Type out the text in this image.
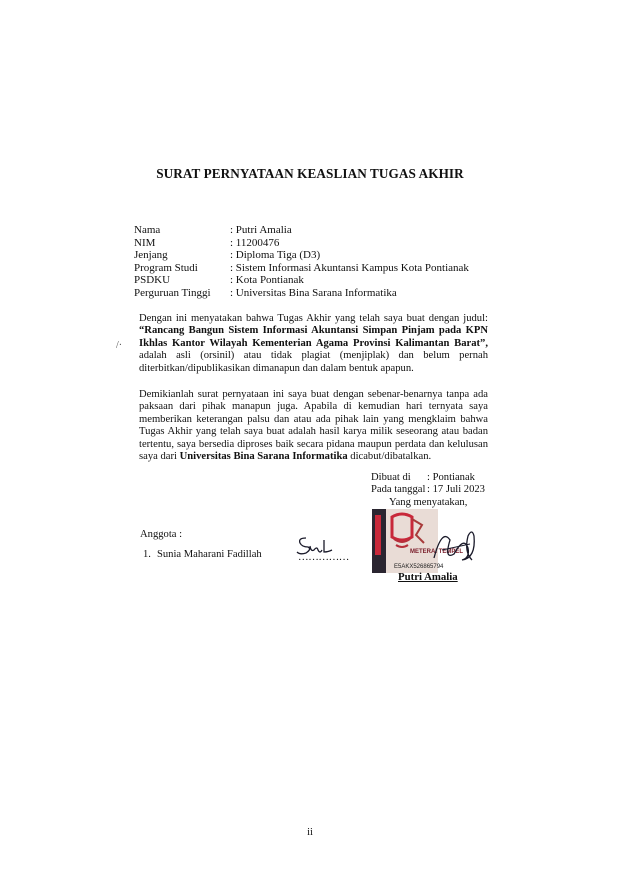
SURAT PERNYATAAN KEASLIAN TUGAS AKHIR
Nama	: Putri Amalia
NIM	: 11200476
Jenjang	: Diploma Tiga (D3)
Program Studi	: Sistem Informasi Akuntansi Kampus Kota Pontianak
PSDKU	: Kota Pontianak
Perguruan Tinggi	: Universitas Bina Sarana Informatika
/·
Dengan ini menyatakan bahwa Tugas Akhir yang telah saya buat dengan judul: “Rancang Bangun Sistem Informasi Akuntansi Simpan Pinjam pada KPN Ikhlas Kantor Wilayah Kementerian Agama Provinsi Kalimantan Barat”, adalah asli (orsinil) atau tidak plagiat (menjiplak) dan belum pernah diterbitkan/dipublikasikan dimanapun dan dalam bentuk apapun.
Demikianlah surat pernyataan ini saya buat dengan sebenar-benarnya tanpa ada paksaan dari pihak manapun juga. Apabila di kemudian hari ternyata saya memberikan keterangan palsu dan atau ada pihak lain yang mengklaim bahwa Tugas Akhir yang telah saya buat adalah hasil karya milik seseorang atau badan tertentu, saya bersedia diproses baik secara pidana maupun perdata dan kelulusan saya dari Universitas Bina Sarana Informatika dicabut/dibatalkan.
Dibuat di	: Pontianak
Pada tanggal : 17 Juli 2023
Yang menyatakan,
METERAI TEMPEL
E5AKX526865794
Anggota :
1. Sunia Maharani Fadillah	……………
Putri Amalia
ii
